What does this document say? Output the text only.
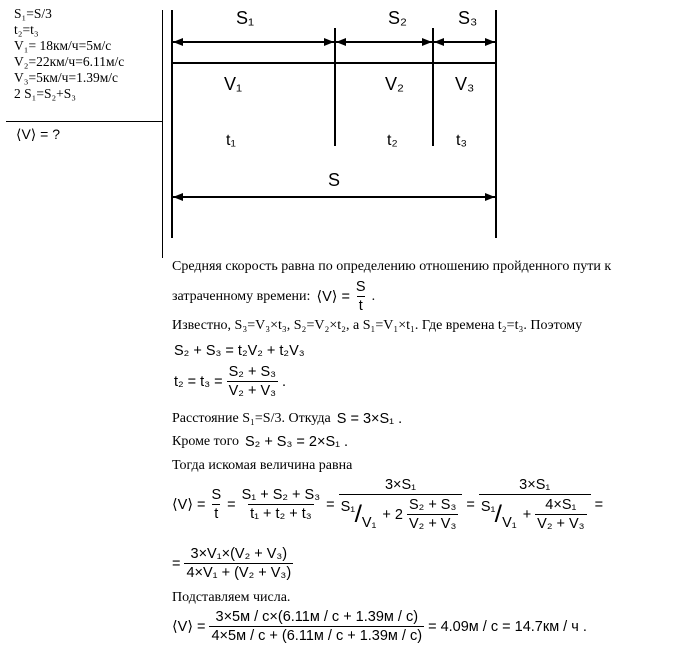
S₁=S/3
t₂=t₃
V₁= 18км/ч=5м/с
V₂=22км/ч=6.11м/с
V₃=5км/ч=1.39м/с
2 S₁=S₂+S₃
⟨V⟩ = ?
S₁	S₂	S₃
V₁	V₂	V₃
t₁	t₂	t₃
S
Средняя скорость равна по определению отношению пройденного пути к
затраченному времени: ⟨V⟩ = $\frac{S}{t}$ .
Известно, S₃=V₃×t₃, S₂=V₂×t₂, а S₁=V₁×t₁. Где времена t₂=t₃. Поэтому
S₂ + S₃ = t₂V₂ + t₂V₃
$t_2 = t_3 = \frac{\text{S₂ + S₃}}{\text{V₂ + V₃}}$ .
Расстояние S₁=S/3. Откуда S = 3×S₁ .
Кроме того S₂ + S₃ = 2×S₁ .
Тогда искомая величина равна
⟨V⟩ = $\frac{S}{t} = \frac{\text{S₁ + S₂ + S₃}}{\text{t₁ + t₂ + t₃}} = \frac{\text{3×S₁}}{S_1 / V_1 + 2 \frac{\text{S₂ + S₃}}{\text{V₂ + V₃}}} = \frac{\text{3×S₁}}{S_1 / V_1 + \frac{\text{4×S₁}}{\text{V₂ + V₃}}}$ =
= $\frac{\text{3×V₁×(V₂ + V₃)}}{\text{4×V₁ + (V₂ + V₃)}}$
Подставляем числа.
⟨V⟩ = $\frac{3\times 5м / с\times(6.11м / с + 1.39м / с)}{4\times 5м / с + (6.11м / с + 1.39м / с)} = 4.09м / с = 14.7км / ч$ .
